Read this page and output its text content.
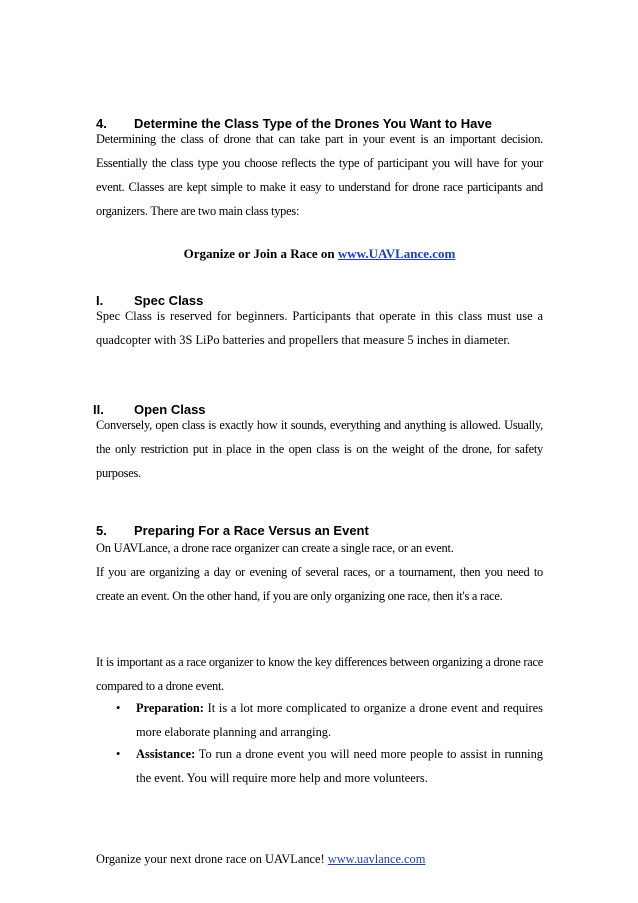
4. Determine the Class Type of the Drones You Want to Have
Determining the class of drone that can take part in your event is an important decision. Essentially the class type you choose reflects the type of participant you will have for your event. Classes are kept simple to make it easy to understand for drone race participants and organizers. There are two main class types:
Organize or Join a Race on www.UAVLance.com
I. Spec Class
Spec Class is reserved for beginners. Participants that operate in this class must use a quadcopter with 3S LiPo batteries and propellers that measure 5 inches in diameter.
II. Open Class
Conversely, open class is exactly how it sounds, everything and anything is allowed. Usually, the only restriction put in place in the open class is on the weight of the drone, for safety purposes.
5. Preparing For a Race Versus an Event
On UAVLance, a drone race organizer can create a single race, or an event.
If you are organizing a day or evening of several races, or a tournament, then you need to create an event. On the other hand, if you are only organizing one race, then it's a race.
It is important as a race organizer to know the key differences between organizing a drone race compared to a drone event.
• Preparation: It is a lot more complicated to organize a drone event and requires more elaborate planning and arranging.
• Assistance: To run a drone event you will need more people to assist in running the event. You will require more help and more volunteers.
Organize your next drone race on UAVLance! www.uavlance.com
